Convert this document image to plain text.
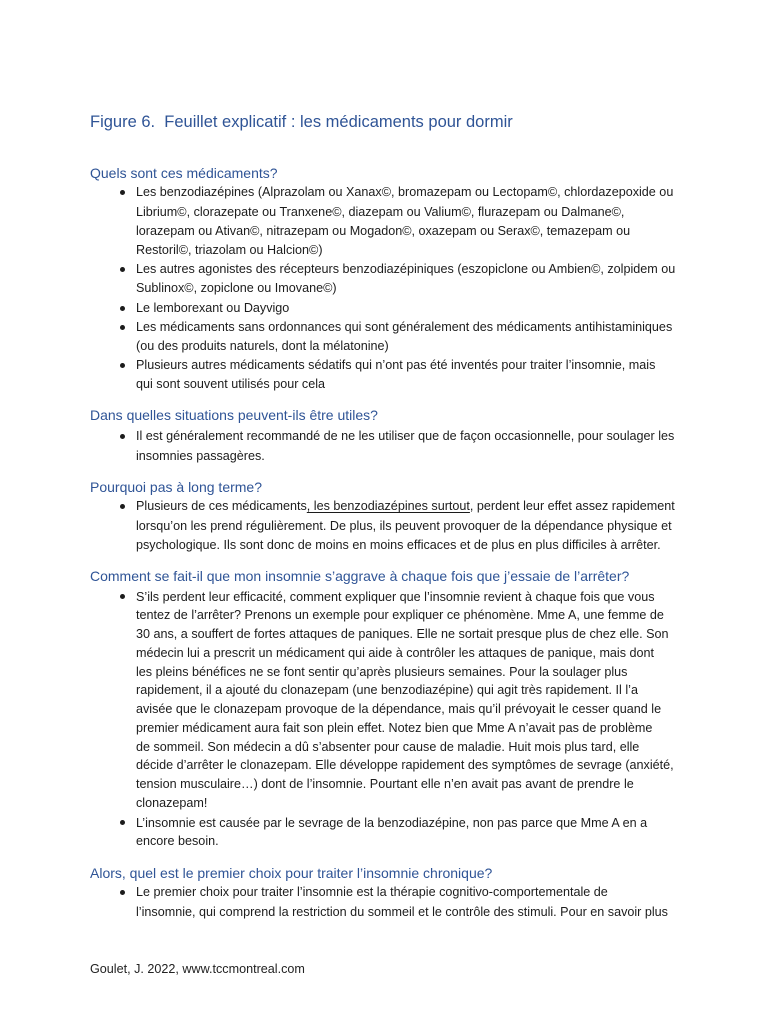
Figure 6.  Feuillet explicatif : les médicaments pour dormir
Quels sont ces médicaments?
Les benzodiazépines (Alprazolam ou Xanax©, bromazepam ou Lectopam©, chlordazepoxide ou
Librium©, clorazepate ou Tranxene©, diazepam ou Valium©, flurazepam ou Dalmane©,
lorazepam ou Ativan©, nitrazepam ou Mogadon©, oxazepam ou Serax©, temazepam ou
Restoril©, triazolam ou Halcion©)
Les autres agonistes des récepteurs benzodiazépiniques (eszopiclone ou Ambien©, zolpidem ou
Sublinox©, zopiclone ou Imovane©)
Le lemborexant ou Dayvigo
Les médicaments sans ordonnances qui sont généralement des médicaments antihistaminiques
(ou des produits naturels, dont la mélatonine)
Plusieurs autres médicaments sédatifs qui n’ont pas été inventés pour traiter l’insomnie, mais
qui sont souvent utilisés pour cela
Dans quelles situations peuvent-ils être utiles?
Il est généralement recommandé de ne les utiliser que de façon occasionnelle, pour soulager les
insomnies passagères.
Pourquoi pas à long terme?
Plusieurs de ces médicaments, les benzodiazépines surtout, perdent leur effet assez rapidement
lorsqu’on les prend régulièrement. De plus, ils peuvent provoquer de la dépendance physique et
psychologique. Ils sont donc de moins en moins efficaces et de plus en plus difficiles à arrêter.
Comment se fait-il que mon insomnie s’aggrave à chaque fois que j’essaie de l’arrêter?
S’ils perdent leur efficacité, comment expliquer que l’insomnie revient à chaque fois que vous
tentez de l’arrêter? Prenons un exemple pour expliquer ce phénomène. Mme A, une femme de
30 ans, a souffert de fortes attaques de paniques. Elle ne sortait presque plus de chez elle. Son
médecin lui a prescrit un médicament qui aide à contrôler les attaques de panique, mais dont
les pleins bénéfices ne se font sentir qu’après plusieurs semaines. Pour la soulager plus
rapidement, il a ajouté du clonazepam (une benzodiazépine) qui agit très rapidement. Il l’a
avisée que le clonazepam provoque de la dépendance, mais qu’il prévoyait le cesser quand le
premier médicament aura fait son plein effet. Notez bien que Mme A n’avait pas de problème
de sommeil. Son médecin a dû s’absenter pour cause de maladie. Huit mois plus tard, elle
décide d’arrêter le clonazepam. Elle développe rapidement des symptômes de sevrage (anxiété,
tension musculaire…) dont de l’insomnie. Pourtant elle n’en avait pas avant de prendre le
clonazepam!
L’insomnie est causée par le sevrage de la benzodiazépine, non pas parce que Mme A en a
encore besoin.
Alors, quel est le premier choix pour traiter l’insomnie chronique?
Le premier choix pour traiter l’insomnie est la thérapie cognitivo-comportementale de
l’insomnie, qui comprend la restriction du sommeil et le contrôle des stimuli. Pour en savoir plus
Goulet, J. 2022, www.tccmontreal.com
